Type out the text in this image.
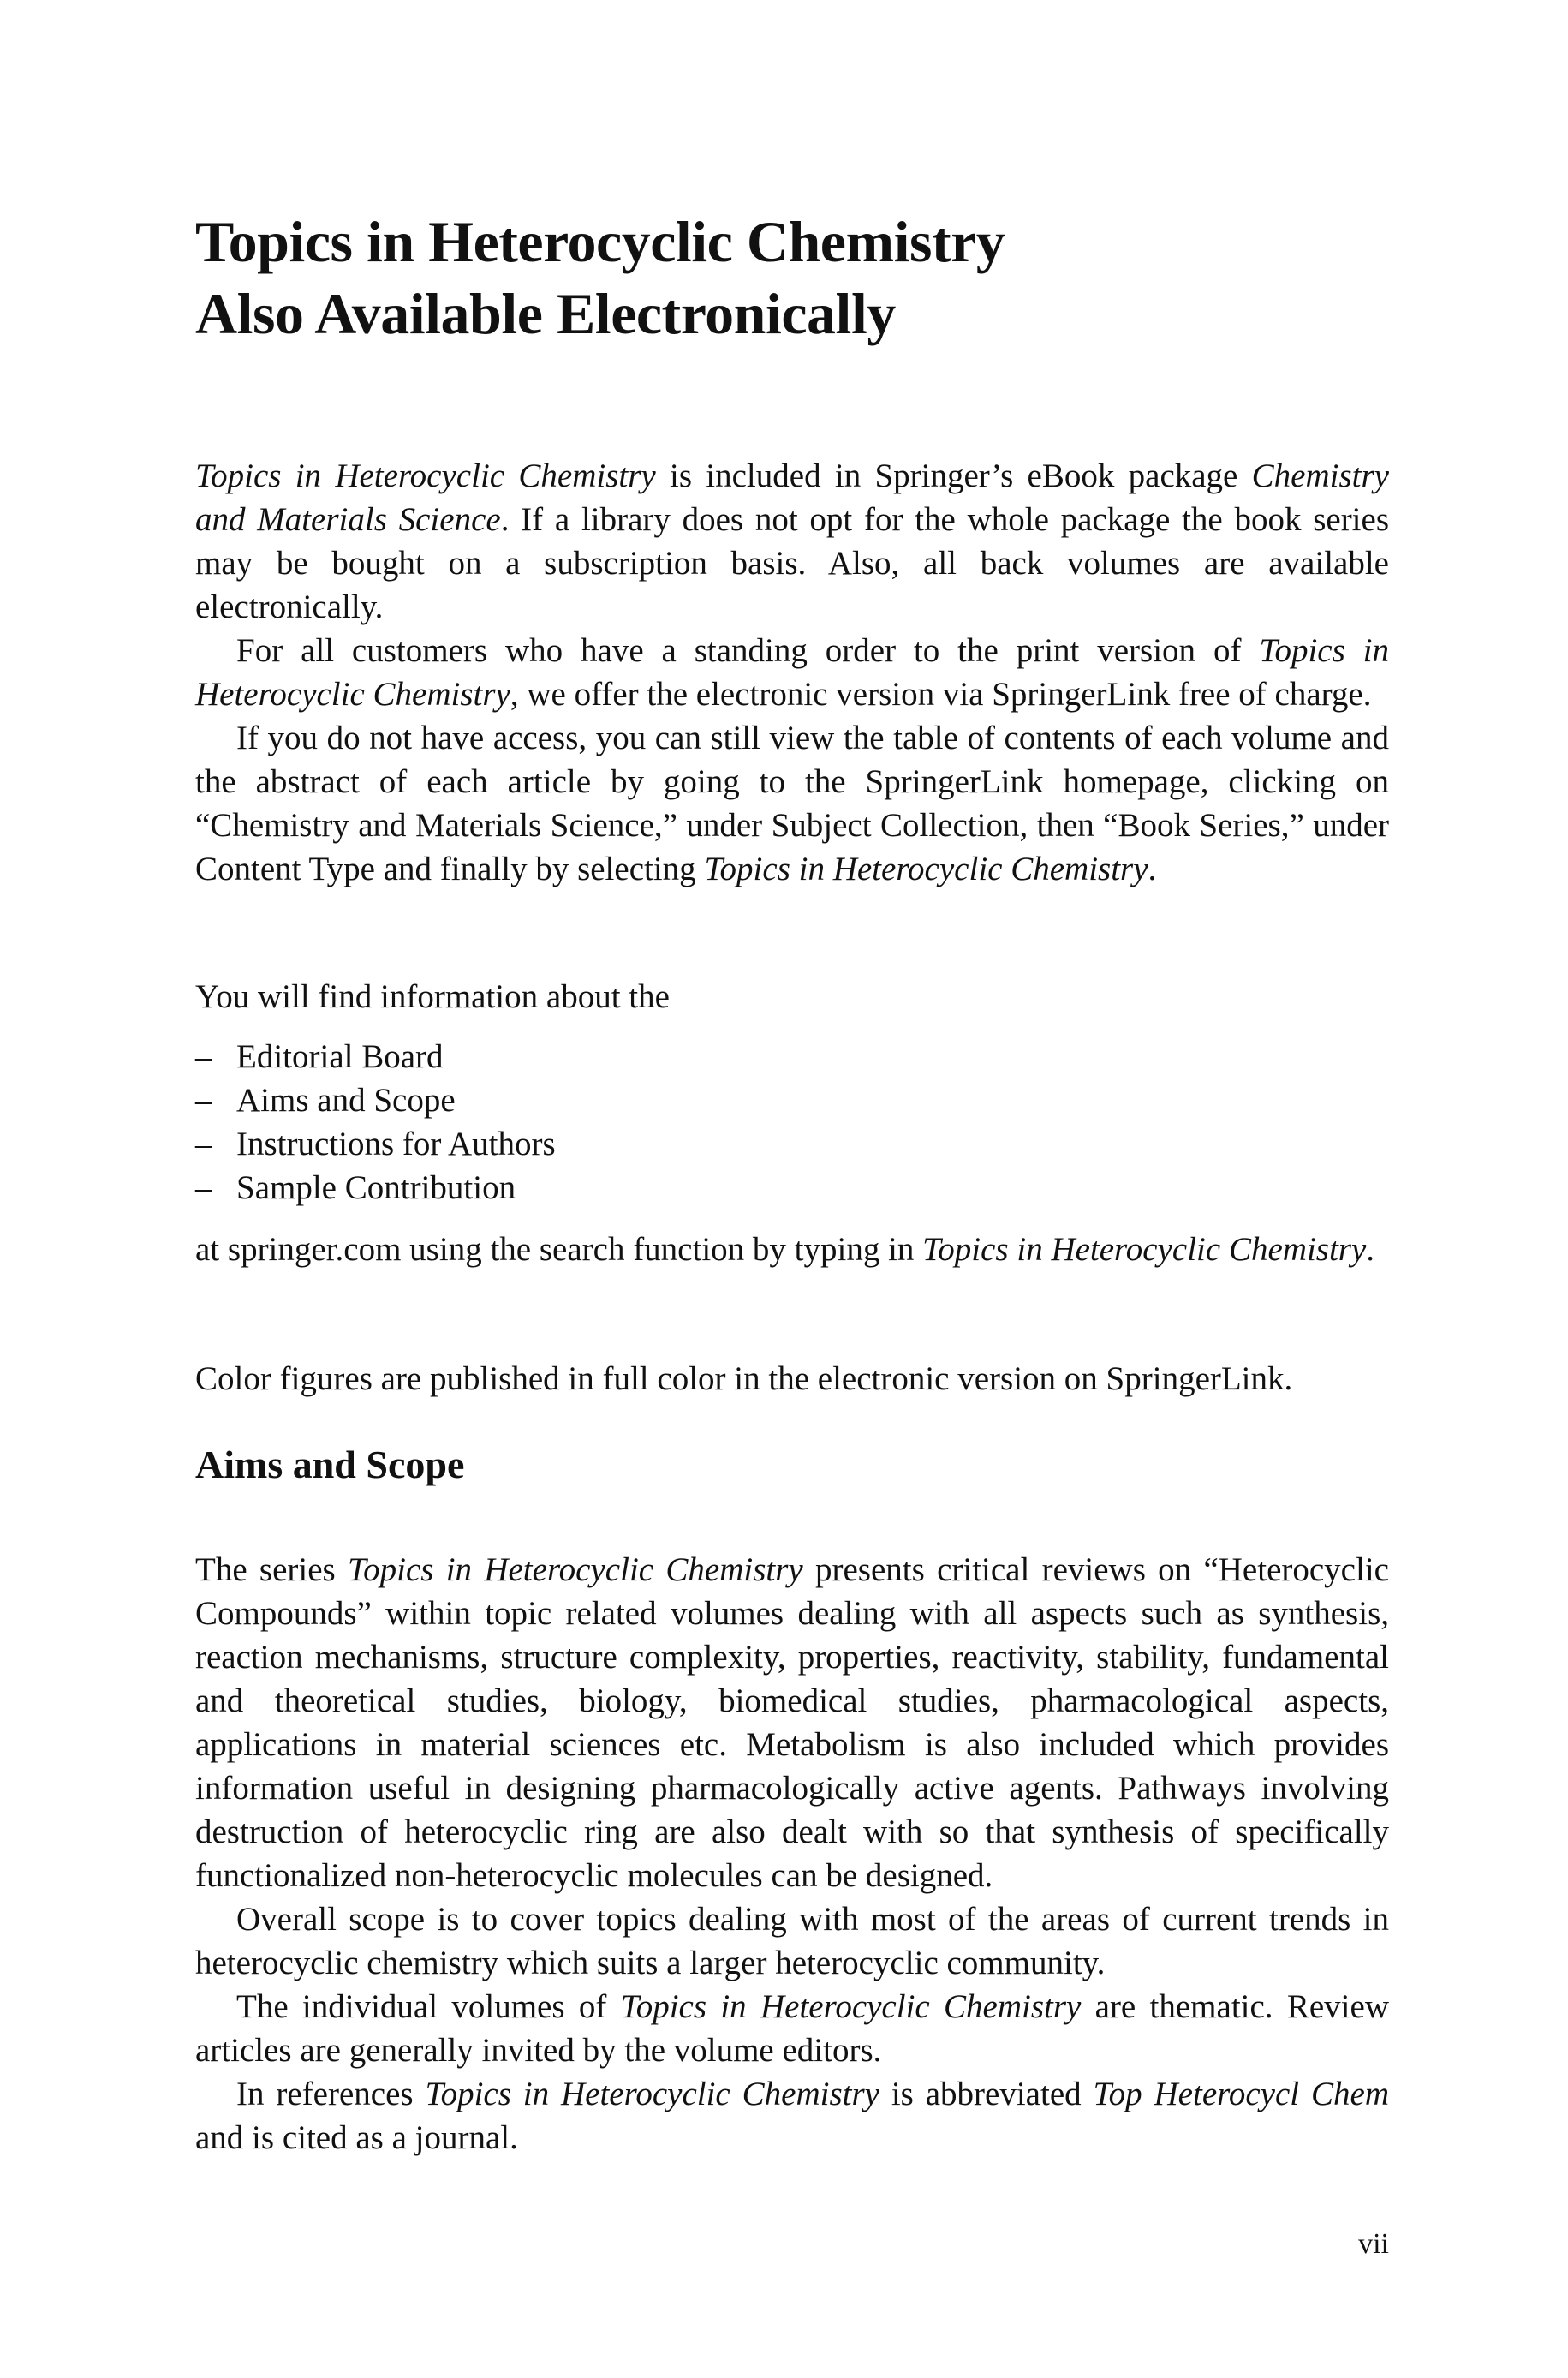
Topics in Heterocyclic Chemistry
Also Available Electronically

Topics in Heterocyclic Chemistry is included in Springer’s eBook package Chemistry and Materials Science. If a library does not opt for the whole package the book series may be bought on a subscription basis. Also, all back volumes are available electronically.

For all customers who have a standing order to the print version of Topics in Heterocyclic Chemistry, we offer the electronic version via SpringerLink free of charge.

If you do not have access, you can still view the table of contents of each volume and the abstract of each article by going to the SpringerLink homepage, clicking on “Chemistry and Materials Science,” under Subject Collection, then “Book Series,” under Content Type and finally by selecting Topics in Heterocyclic Chemistry.

You will find information about the
– Editorial Board
– Aims and Scope
– Instructions for Authors
– Sample Contribution
at springer.com using the search function by typing in Topics in Heterocyclic Chemistry.
Color figures are published in full color in the electronic version on SpringerLink.
Aims and Scope

The series Topics in Heterocyclic Chemistry presents critical reviews on “Heterocyclic Compounds” within topic related volumes dealing with all aspects such as synthesis, reaction mechanisms, structure complexity, properties, reactivity, stability, fundamental and theoretical studies, biology, biomedical studies, pharmacological aspects, applications in material sciences etc. Metabolism is also included which provides information useful in designing pharmacologically active agents. Pathways involving destruction of heterocyclic ring are also dealt with so that synthesis of specifically functionalized non-heterocyclic molecules can be designed.

Overall scope is to cover topics dealing with most of the areas of current trends in heterocyclic chemistry which suits a larger heterocyclic community.

The individual volumes of Topics in Heterocyclic Chemistry are thematic. Review articles are generally invited by the volume editors.

In references Topics in Heterocyclic Chemistry is abbreviated Top Heterocycl Chem and is cited as a journal.

vii
